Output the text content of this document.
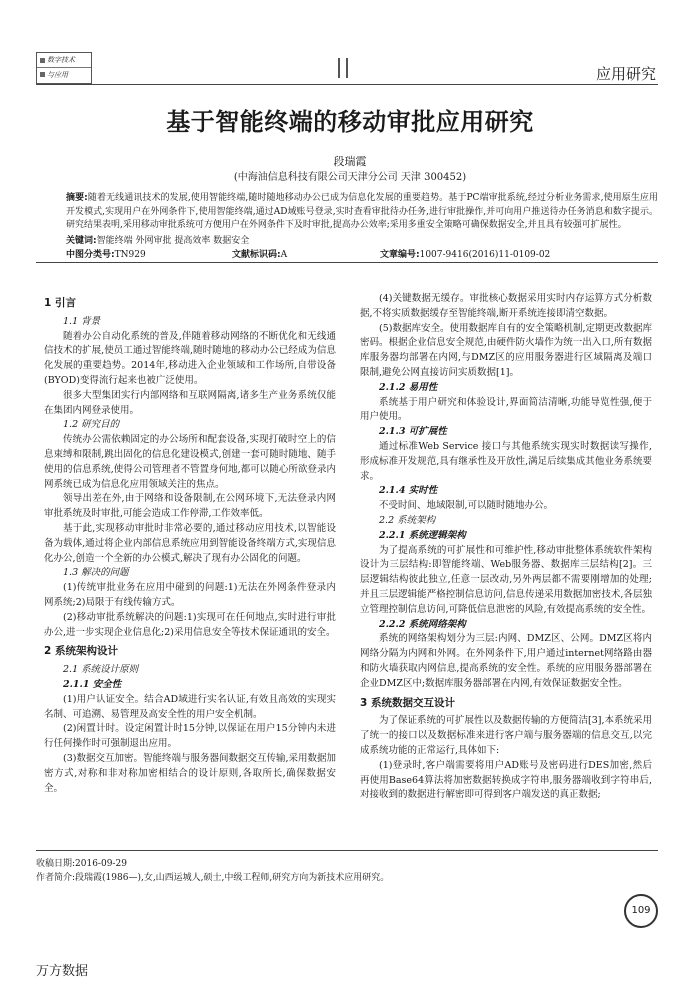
数字技术
与应用	应用研究
基于智能终端的移动审批应用研究
段瑞霞
(中海油信息科技有限公司天津分公司 天津 300452)
摘要:随着无线通讯技术的发展,使用智能终端,随时随地移动办公已成为信息化发展的重要趋势。基于PC端审批系统,经过分析业务需求,使用原生应用开发模式,实现用户在外网条件下,使用智能终端,通过AD域账号登录,实时查看审批待办任务,进行审批操作,并可向用户推送待办任务消息和数字提示。研究结果表明,采用移动审批系统可方便用户在外网条件下及时审批,提高办公效率;采用多重安全策略可确保数据安全,并且具有较强可扩展性。
关键词:智能终端 外网审批 提高效率 数据安全
中图分类号:TN929	文献标识码:A	文章编号:1007-9416(2016)11-0109-02
1 引言
1.1 背景

随着办公自动化系统的普及,伴随着移动网络的不断优化和无线通信技术的扩展,使员工通过智能终端,随时随地的移动办公已经成为信息化发展的重要趋势。2014年,移动进入企业领域和工作场所,自带设备(BYOD)变得流行起来也被广泛使用。

很多大型集团实行内部网络和互联网隔离,诸多生产业务系统仅能在集团内网登录使用。

1.2 研究目的

传统办公需依赖固定的办公场所和配套设备,实现打破时空上的信息束缚和限制,跳出固化的信息化建设模式,创建一套可随时随地、随手使用的信息系统,使得公司管理者不管置身何地,都可以随心所欲登录内网系统已成为信息化应用领域关注的焦点。

领导出差在外,由于网络和设备限制,在公网环境下,无法登录内网审批系统及时审批,可能会造成工作停滞,工作效率低。

基于此,实现移动审批时非常必要的,通过移动应用技术,以智能设备为载体,通过将企业内部信息系统应用到智能设备终端方式,实现信息化办公,创造一个全新的办公模式,解决了现有办公固化的问题。

1.3 解决的问题

(1)传统审批业务在应用中碰到的问题:1)无法在外网条件登录内网系统;2)局限于有线传输方式。

(2)移动审批系统解决的问题:1)实现可在任何地点,实时进行审批办公,进一步实现企业信息化;2)采用信息安全等技术保证通讯的安全。

2 系统架构设计
2.1 系统设计原则
2.1.1 安全性

(1)用户认证安全。结合AD域进行实名认证,有效且高效的实现实名制、可追溯、易管理及高安全性的用户安全机制。

(2)闲置计时。设定闲置计时15分钟,以保证在用户15分钟内未进行任何操作时可强制退出应用。

(3)数据交互加密。智能终端与服务器间数据交互传输,采用数据加密方式,对称和非对称加密相结合的设计原则,各取所长,确保数据安全。

(4)关键数据无缓存。审批核心数据采用实时内存运算方式分析数据,不将实质数据缓存至智能终端,断开系统连接即清空数据。

(5)数据库安全。使用数据库自有的安全策略机制,定期更改数据库密码。根据企业信息安全规范,由硬件防火墙作为统一出入口,所有数据库服务器均部署在内网,与DMZ区的应用服务器进行区域隔离及端口限制,避免公网直接访问实质数据[1]。

2.1.2 易用性

系统基于用户研究和体验设计,界面简洁清晰,功能导览性强,便于用户使用。

2.1.3 可扩展性

通过标准Web Service 接口与其他系统实现实时数据读写操作,形成标准开发规范,具有继承性及开放性,满足后续集成其他业务系统要求。

2.1.4 实时性

不受时间、地域限制,可以随时随地办公。

2.2 系统架构
2.2.1 系统逻辑架构

为了提高系统的可扩展性和可维护性,移动审批整体系统软件架构设计为三层结构:即智能终端、Web服务器、数据库三层结构[2]。三层逻辑结构彼此独立,任意一层改动,另外两层都不需要刚增加的处理;并且三层逻辑能严格控制信息访问,信息传递采用数据加密技术,各层独立管理控制信息访问,可降低信息泄密的风险,有效提高系统的安全性。

2.2.2 系统网络架构

系统的网络架构划分为三层:内网、DMZ区、公网。DMZ区将内网络分隔为内网和外网。在外网条件下,用户通过internet网络路由器和防火墙获取内网信息,提高系统的安全性。系统的应用服务器部署在企业DMZ区中;数据库服务器部署在内网,有效保证数据安全性。

3 系统数据交互设计

为了保证系统的可扩展性以及数据传输的方便简洁[3],本系统采用了统一的接口以及数据标准来进行客户端与服务器端的信息交互,以完成系统功能的正常运行,具体如下:

(1)登录时,客户端需要将用户AD账号及密码进行DES加密,然后再使用Base64算法将加密数据转换成字符串,服务器端收到字符串后,对接收到的数据进行解密即可得到客户端发送的真正数据;

收稿日期:2016-09-29
作者简介:段瑞霞(1986—),女,山西运城人,硕士,中级工程师,研究方向为新技术应用研究。
109
万方数据
